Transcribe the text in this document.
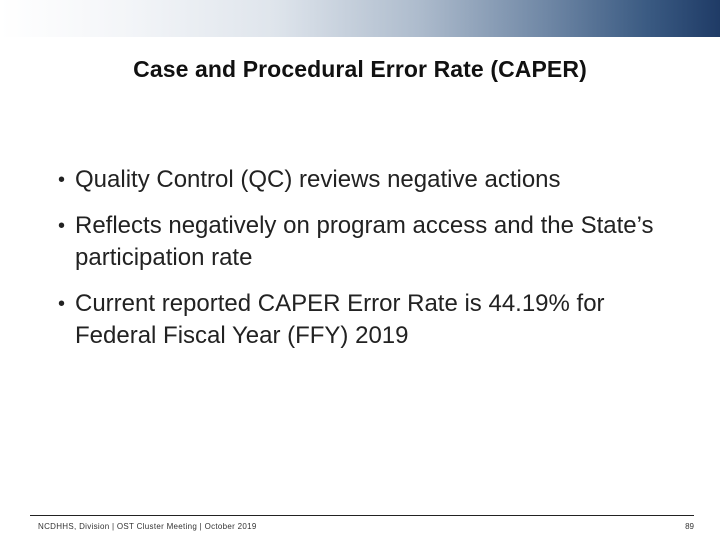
Case and Procedural Error Rate (CAPER)
• Quality Control (QC) reviews negative actions
• Reflects negatively on program access and the State’s participation rate
• Current reported CAPER Error Rate is 44.19% for Federal Fiscal Year (FFY) 2019
NCDHHS, Division | OST Cluster Meeting | October 2019	89
